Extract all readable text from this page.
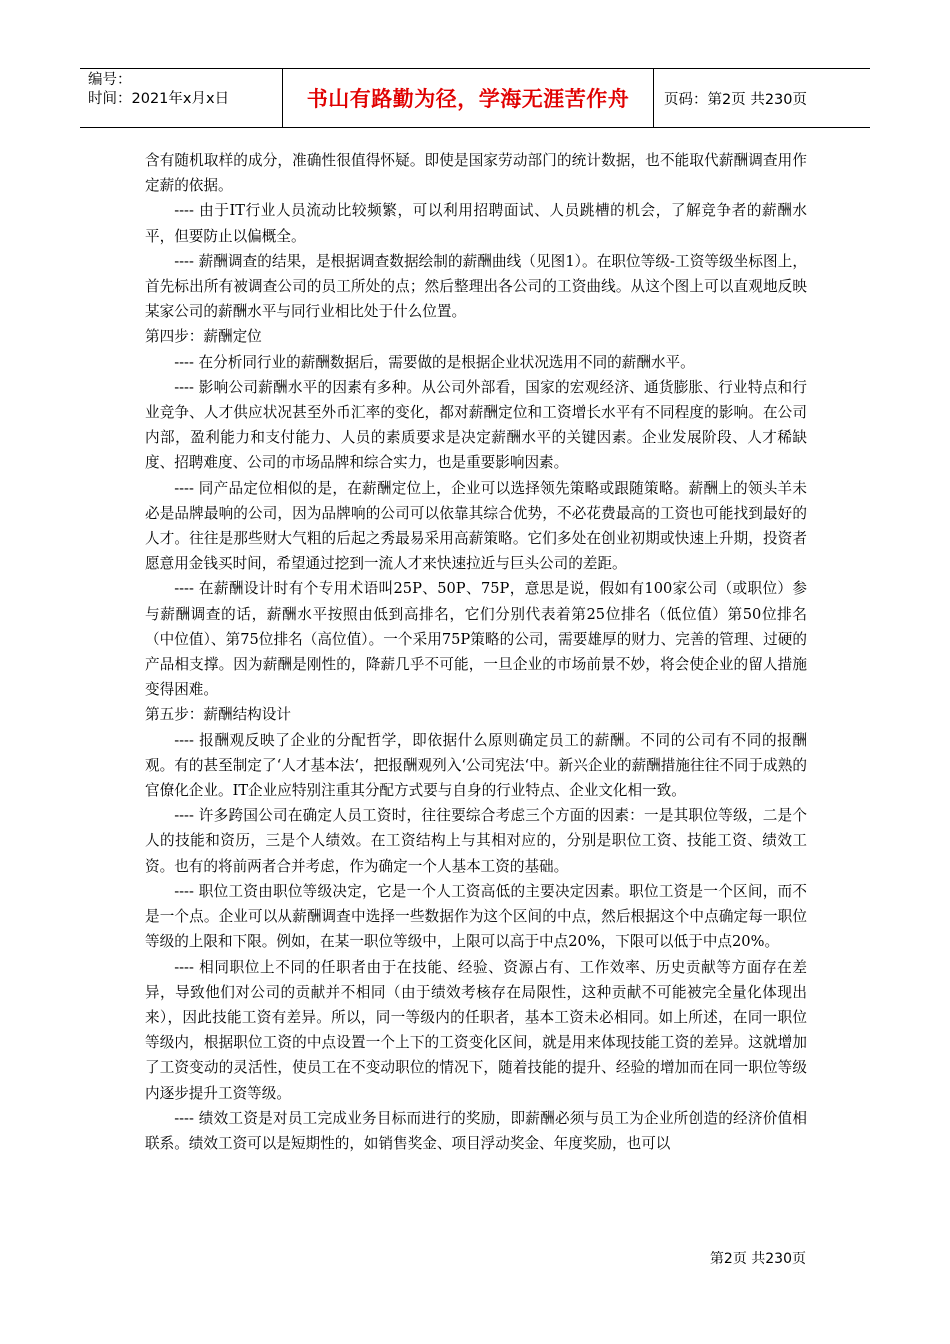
编号：
时间：2021年x月x日	书山有路勤为径，学海无涯苦作舟	页码：第2页 共230页

含有随机取样的成分，准确性很值得怀疑。即使是国家劳动部门的统计数据，也不能取代薪酬调查用作定薪的依据。

---- 由于IT行业人员流动比较频繁，可以利用招聘面试、人员跳槽的机会，了解竞争者的薪酬水平，但要防止以偏概全。

---- 薪酬调查的结果，是根据调查数据绘制的薪酬曲线（见图1）。在职位等级-工资等级坐标图上，首先标出所有被调查公司的员工所处的点；然后整理出各公司的工资曲线。从这个图上可以直观地反映某家公司的薪酬水平与同行业相比处于什么位置。

第四步：薪酬定位

---- 在分析同行业的薪酬数据后，需要做的是根据企业状况选用不同的薪酬水平。

---- 影响公司薪酬水平的因素有多种。从公司外部看，国家的宏观经济、通货膨胀、行业特点和行业竞争、人才供应状况甚至外币汇率的变化，都对薪酬定位和工资增长水平有不同程度的影响。在公司内部，盈利能力和支付能力、人员的素质要求是决定薪酬水平的关键因素。企业发展阶段、人才稀缺度、招聘难度、公司的市场品牌和综合实力，也是重要影响因素。

---- 同产品定位相似的是，在薪酬定位上，企业可以选择领先策略或跟随策略。薪酬上的领头羊未必是品牌最响的公司，因为品牌响的公司可以依靠其综合优势，不必花费最高的工资也可能找到最好的人才。往往是那些财大气粗的后起之秀最易采用高薪策略。它们多处在创业初期或快速上升期，投资者愿意用金钱买时间，希望通过挖到一流人才来快速拉近与巨头公司的差距。

---- 在薪酬设计时有个专用术语叫25P、50P、75P，意思是说，假如有100家公司（或职位）参与薪酬调查的话，薪酬水平按照由低到高排名，它们分别代表着第25位排名（低位值）第50位排名（中位值）、第75位排名（高位值）。一个采用75P策略的公司，需要雄厚的财力、完善的管理、过硬的产品相支撑。因为薪酬是刚性的，降薪几乎不可能，一旦企业的市场前景不妙，将会使企业的留人措施变得困难。

第五步：薪酬结构设计

---- 报酬观反映了企业的分配哲学，即依据什么原则确定员工的薪酬。不同的公司有不同的报酬观。有的甚至制定了‘人才基本法‘，把报酬观列入‘公司宪法‘中。新兴企业的薪酬措施往往不同于成熟的官僚化企业。IT企业应特别注重其分配方式要与自身的行业特点、企业文化相一致。

---- 许多跨国公司在确定人员工资时，往往要综合考虑三个方面的因素：一是其职位等级，二是个人的技能和资历，三是个人绩效。在工资结构上与其相对应的，分别是职位工资、技能工资、绩效工资。也有的将前两者合并考虑，作为确定一个人基本工资的基础。

---- 职位工资由职位等级决定，它是一个人工资高低的主要决定因素。职位工资是一个区间，而不是一个点。企业可以从薪酬调查中选择一些数据作为这个区间的中点，然后根据这个中点确定每一职位等级的上限和下限。例如，在某一职位等级中，上限可以高于中点20%，下限可以低于中点20%。

---- 相同职位上不同的任职者由于在技能、经验、资源占有、工作效率、历史贡献等方面存在差异，导致他们对公司的贡献并不相同（由于绩效考核存在局限性，这种贡献不可能被完全量化体现出来），因此技能工资有差异。所以，同一等级内的任职者，基本工资未必相同。如上所述，在同一职位等级内，根据职位工资的中点设置一个上下的工资变化区间，就是用来体现技能工资的差异。这就增加了工资变动的灵活性，使员工在不变动职位的情况下，随着技能的提升、经验的增加而在同一职位等级内逐步提升工资等级。

---- 绩效工资是对员工完成业务目标而进行的奖励，即薪酬必须与员工为企业所创造的经济价值相联系。绩效工资可以是短期性的，如销售奖金、项目浮动奖金、年度奖励，也可以

第2页 共230页
